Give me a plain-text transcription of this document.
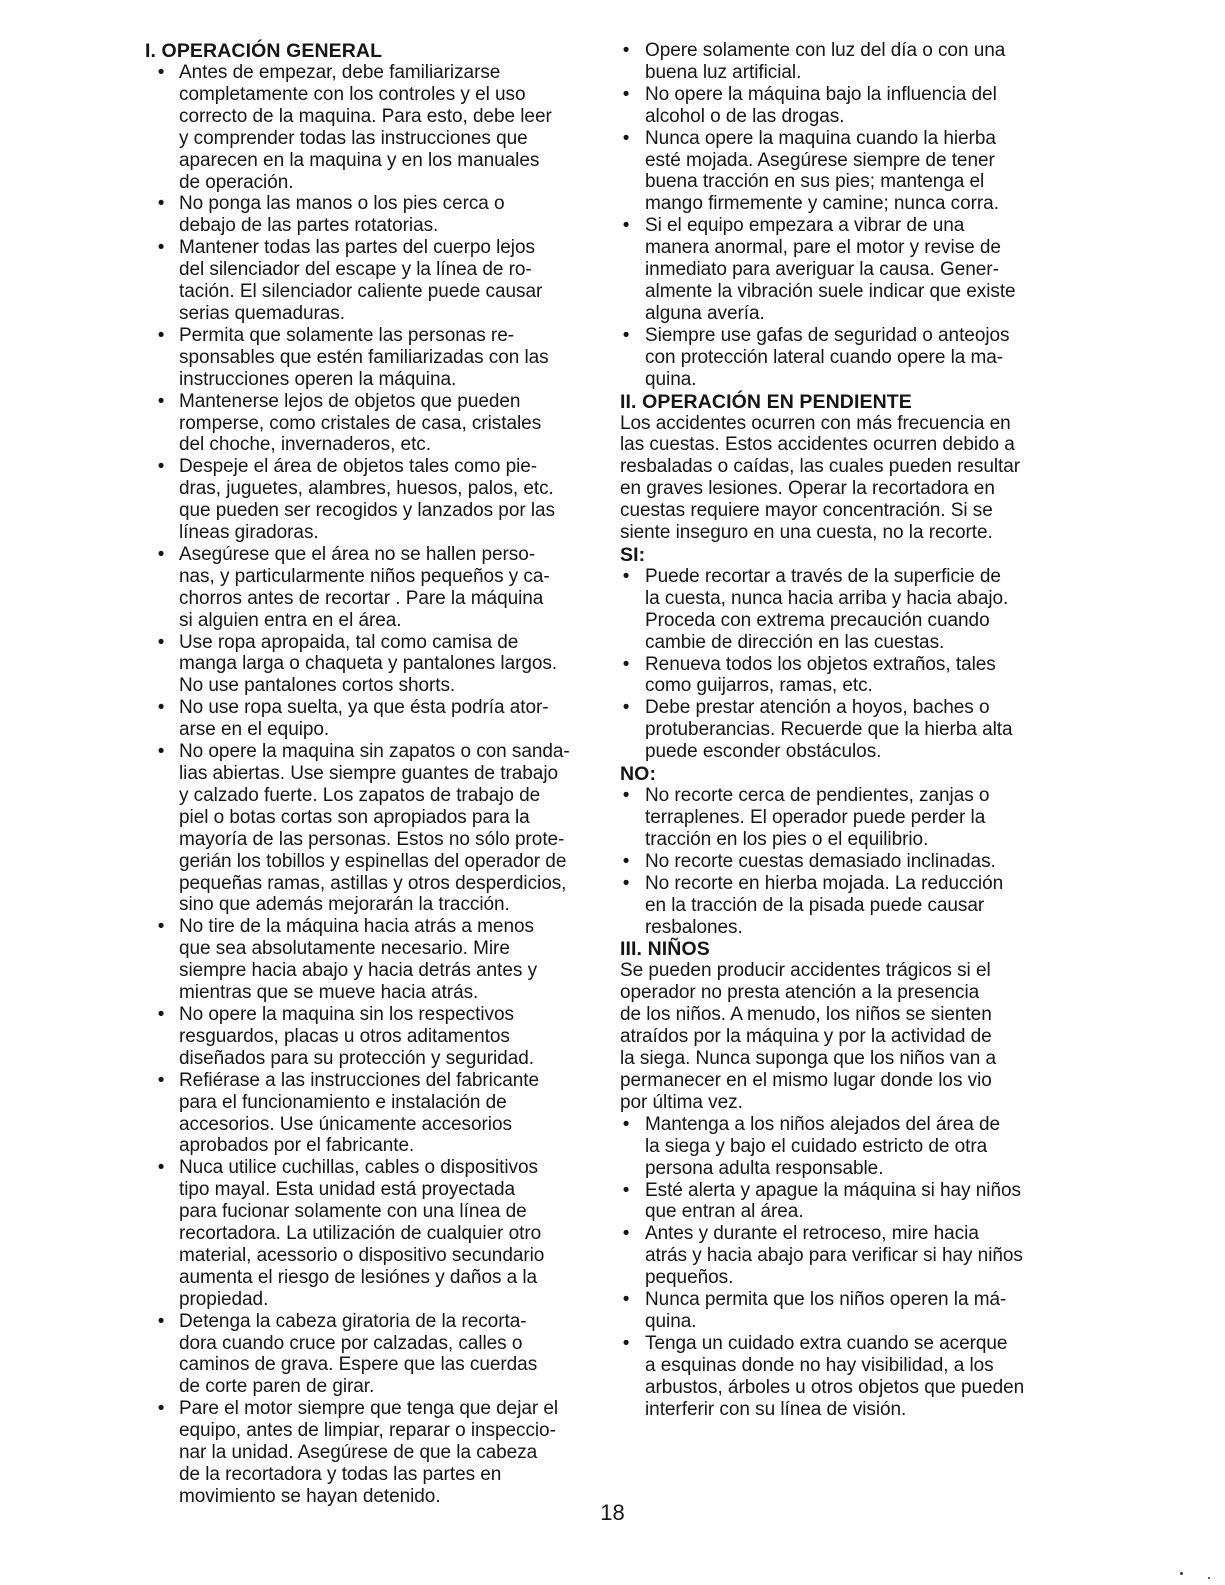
I. OPERACIÓN GENERAL
• Antes de empezar, debe familiarizarse
completamente con los controles y el uso
correcto de la maquina. Para esto, debe leer
y comprender todas las instrucciones que
aparecen en la maquina y en los manuales
de operación.
• No ponga las manos o los pies cerca o
debajo de las partes rotatorias.
• Mantener todas las partes del cuerpo lejos
del silenciador del escape y la línea de ro-
tación. El silenciador caliente puede causar
serias quemaduras.
• Permita que solamente las personas re-
sponsables que estén familiarizadas con las
instrucciones operen la máquina.
• Mantenerse lejos de objetos que pueden
romperse, como cristales de casa, cristales
del choche, invernaderos, etc.
• Despeje el área de objetos tales como pie-
dras, juguetes, alambres, huesos, palos, etc.
que pueden ser recogidos y lanzados por las
líneas giradoras.
• Asegúrese que el área no se hallen perso-
nas, y particularmente niños pequeños y ca-
chorros antes de recortar . Pare la máquina
si alguien entra en el área.
• Use ropa apropaida, tal como camisa de
manga larga o chaqueta y pantalones largos.
No use pantalones cortos shorts.
• No use ropa suelta, ya que ésta podría ator-
arse en el equipo.
• No opere la maquina sin zapatos o con sanda-
lias abiertas. Use siempre guantes de trabajo
y calzado fuerte. Los zapatos de trabajo de
piel o botas cortas son apropiados para la
mayoría de las personas. Estos no sólo prote-
gerián los tobillos y espinellas del operador de
pequeñas ramas, astillas y otros desperdicios,
sino que además mejorarán la tracción.
• No tire de la máquina hacia atrás a menos
que sea absolutamente necesario. Mire
siempre hacia abajo y hacia detrás antes y
mientras que se mueve hacia atrás.
• No opere la maquina sin los respectivos
resguardos, placas u otros aditamentos
diseñados para su protección y seguridad.
• Refiérase a las instrucciones del fabricante
para el funcionamiento e instalación de
accesorios. Use únicamente accesorios
aprobados por el fabricante.
• Nuca utilice cuchillas, cables o dispositivos
tipo mayal. Esta unidad está proyectada
para fucionar solamente con una línea de
recortadora. La utilización de cualquier otro
material, acessorio o dispositivo secundario
aumenta el riesgo de lesiónes y daños a la
propiedad.
• Detenga la cabeza giratoria de la recorta-
dora cuando cruce por calzadas, calles o
caminos de grava. Espere que las cuerdas
de corte paren de girar.
• Pare el motor siempre que tenga que dejar el
equipo, antes de limpiar, reparar o inspeccio-
nar la unidad. Asegúrese de que la cabeza
de la recortadora y todas las partes en
movimiento se hayan detenido.
• Opere solamente con luz del día o con una
buena luz artificial.
• No opere la máquina bajo la influencia del
alcohol o de las drogas.
• Nunca opere la maquina cuando la hierba
esté mojada. Asegúrese siempre de tener
buena tracción en sus pies; mantenga el
mango firmemente y camine; nunca corra.
• Si el equipo empezara a vibrar de una
manera anormal, pare el motor y revise de
inmediato para averiguar la causa. Gener-
almente la vibración suele indicar que existe
alguna avería.
• Siempre use gafas de seguridad o anteojos
con protección lateral cuando opere la ma-
quina.
II. OPERACIÓN EN PENDIENTE

Los accidentes ocurren con más frecuencia en
las cuestas. Estos accidentes ocurren debido a
resbaladas o caídas, las cuales pueden resultar
en graves lesiones. Operar la recortadora en
cuestas requiere mayor concentración. Si se
siente inseguro en una cuesta, no la recorte.

SI:
• Puede recortar a través de la superficie de
la cuesta, nunca hacia arriba y hacia abajo.
Proceda con extrema precaución cuando
cambie de dirección en las cuestas.
• Renueva todos los objetos extraños, tales
como guijarros, ramas, etc.
• Debe prestar atención a hoyos, baches o
protuberancias. Recuerde que la hierba alta
puede esconder obstáculos.
NO:
• No recorte cerca de pendientes, zanjas o
terraplenes. El operador puede perder la
tracción en los pies o el equilibrio.
• No recorte cuestas demasiado inclinadas.
• No recorte en hierba mojada. La reducción
en la tracción de la pisada puede causar
resbalones.
III. NIÑOS

Se pueden producir accidentes trágicos si el
operador no presta atención a la presencia
de los niños. A menudo, los niños se sienten
atraídos por la máquina y por la actividad de
la siega. Nunca suponga que los niños van a
permanecer en el mismo lugar donde los vio
por última vez.

• Mantenga a los niños alejados del área de
la siega y bajo el cuidado estricto de otra
persona adulta responsable.
• Esté alerta y apague la máquina si hay niños
que entran al área.
• Antes y durante el retroceso, mire hacia
atrás y hacia abajo para verificar si hay niños
pequeños.
• Nunca permita que los niños operen la má-
quina.
• Tenga un cuidado extra cuando se acerque
a esquinas donde no hay visibilidad, a los
arbustos, árboles u otros objetos que pueden
interferir con su línea de visión.
18
